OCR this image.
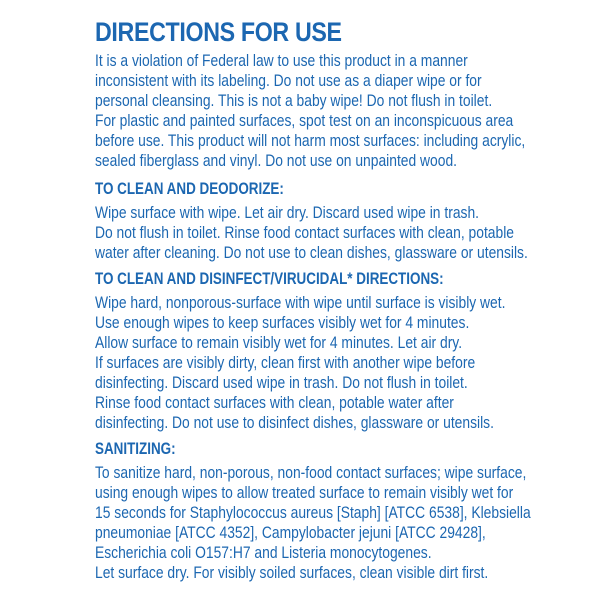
DIRECTIONS FOR USE
It is a violation of Federal law to use this product in a manner
inconsistent with its labeling. Do not use as a diaper wipe or for
personal cleansing. This is not a baby wipe! Do not flush in toilet.
For plastic and painted surfaces, spot test on an inconspicuous area
before use. This product will not harm most surfaces: including acrylic,
sealed fiberglass and vinyl. Do not use on unpainted wood.
TO CLEAN AND DEODORIZE:
Wipe surface with wipe. Let air dry. Discard used wipe in trash.
Do not flush in toilet. Rinse food contact surfaces with clean, potable
water after cleaning. Do not use to clean dishes, glassware or utensils.
TO CLEAN AND DISINFECT/VIRUCIDAL* DIRECTIONS:
Wipe hard, nonporous-surface with wipe until surface is visibly wet.
Use enough wipes to keep surfaces visibly wet for 4 minutes.
Allow surface to remain visibly wet for 4 minutes. Let air dry.
If surfaces are visibly dirty, clean first with another wipe before
disinfecting. Discard used wipe in trash. Do not flush in toilet.
Rinse food contact surfaces with clean, potable water after
disinfecting. Do not use to disinfect dishes, glassware or utensils.
SANITIZING:
To sanitize hard, non-porous, non-food contact surfaces; wipe surface,
using enough wipes to allow treated surface to remain visibly wet for
15 seconds for Staphylococcus aureus [Staph] [ATCC 6538], Klebsiella
pneumoniae [ATCC 4352], Campylobacter jejuni [ATCC 29428],
Escherichia coli O157:H7 and Listeria monocytogenes.
Let surface dry. For visibly soiled surfaces, clean visible dirt first.
